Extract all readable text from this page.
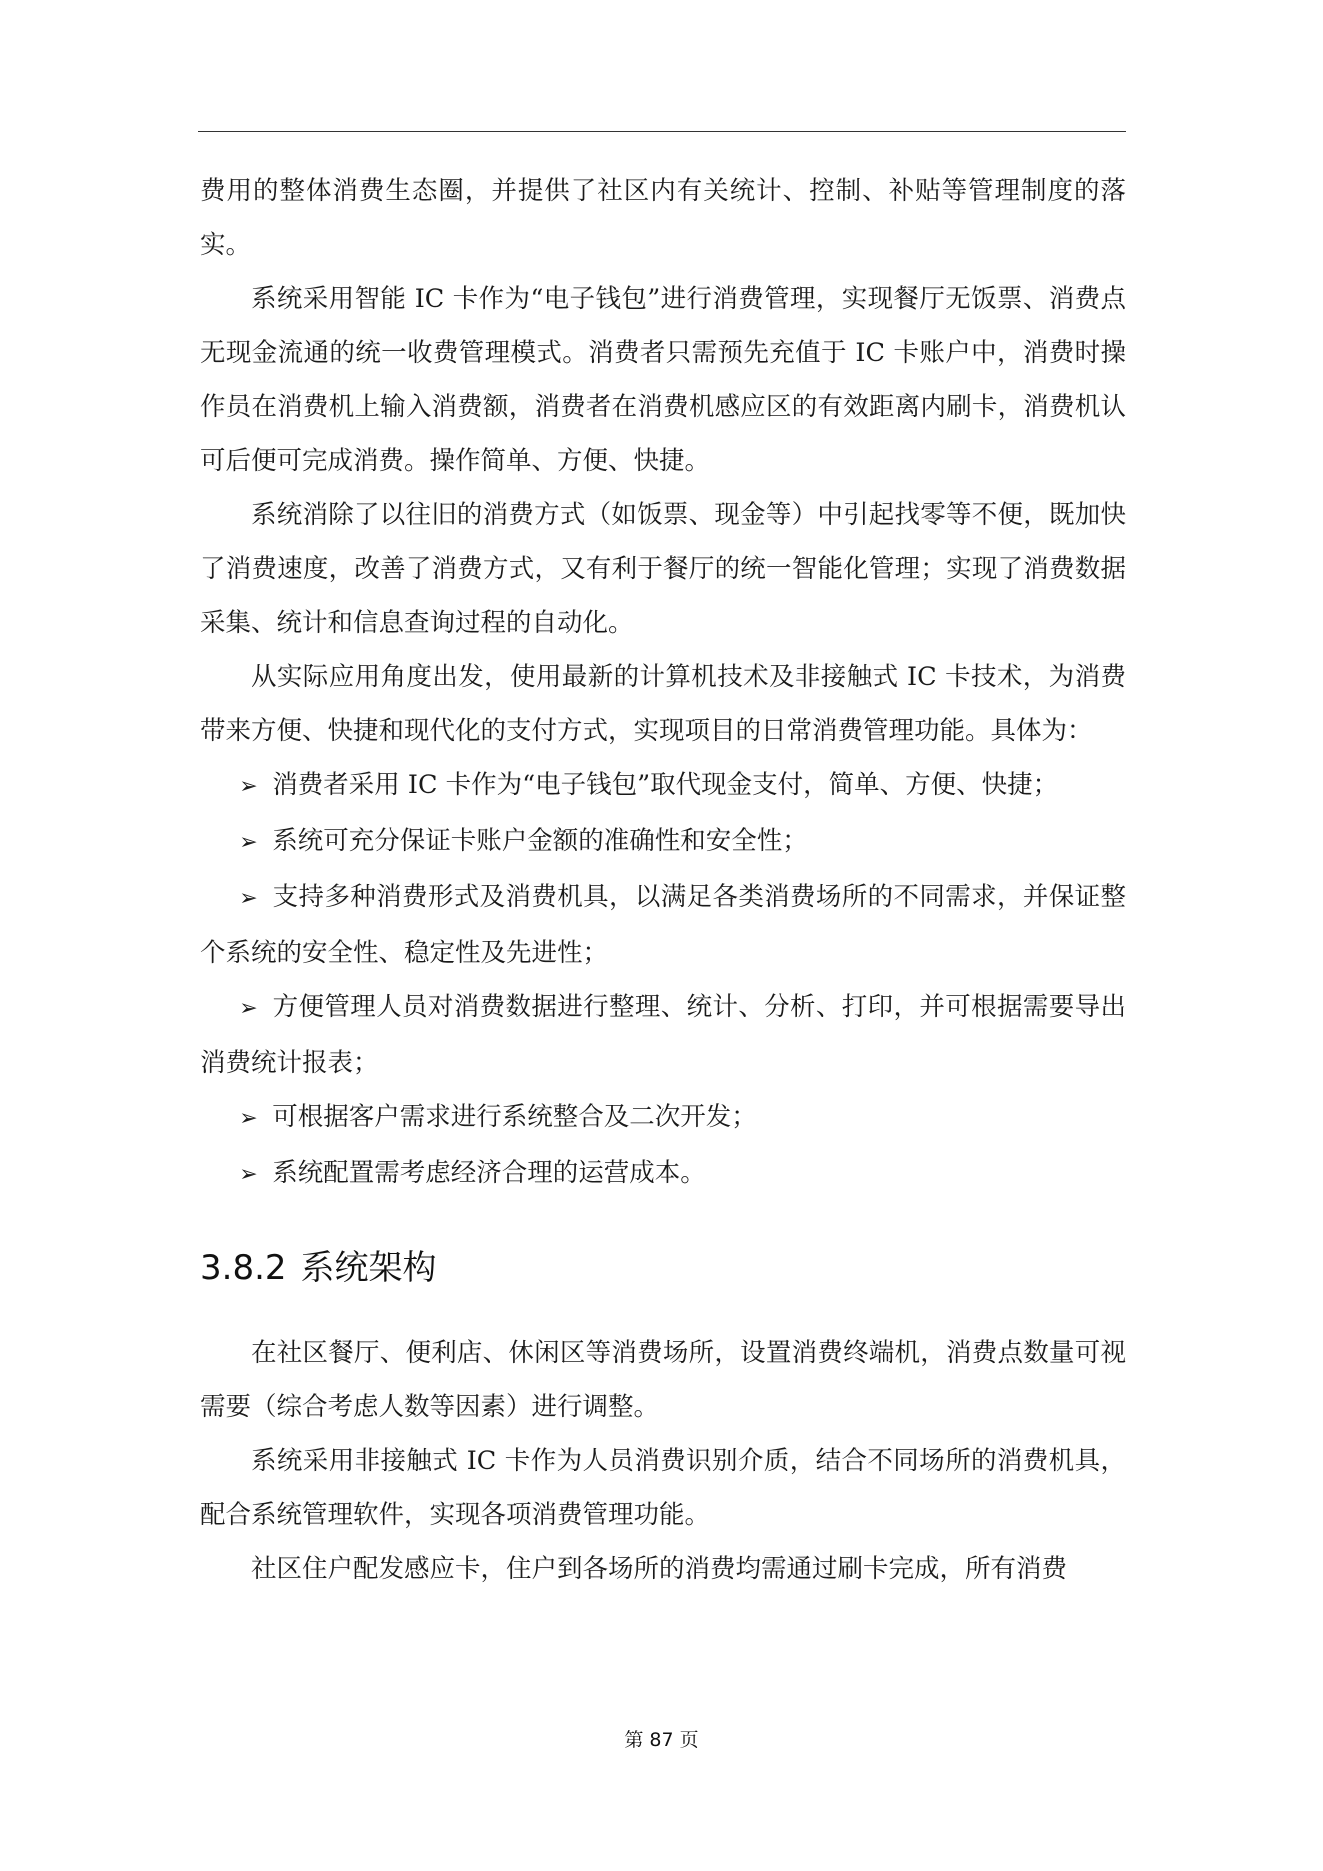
费用的整体消费生态圈，并提供了社区内有关统计、控制、补贴等管理制度的落实。

系统采用智能 IC 卡作为“电子钱包”进行消费管理，实现餐厅无饭票、消费点无现金流通的统一收费管理模式。消费者只需预先充值于 IC 卡账户中，消费时操作员在消费机上输入消费额，消费者在消费机感应区的有效距离内刷卡，消费机认可后便可完成消费。操作简单、方便、快捷。

系统消除了以往旧的消费方式（如饭票、现金等）中引起找零等不便，既加快了消费速度，改善了消费方式，又有利于餐厅的统一智能化管理；实现了消费数据采集、统计和信息查询过程的自动化。

从实际应用角度出发，使用最新的计算机技术及非接触式 IC 卡技术，为消费带来方便、快捷和现代化的支付方式，实现项目的日常消费管理功能。具体为：

➢ 消费者采用 IC 卡作为“电子钱包”取代现金支付，简单、方便、快捷；
➢ 系统可充分保证卡账户金额的准确性和安全性；
➢ 支持多种消费形式及消费机具，以满足各类消费场所的不同需求，并保证整个系统的安全性、稳定性及先进性；
➢ 方便管理人员对消费数据进行整理、统计、分析、打印，并可根据需要导出消费统计报表；
➢ 可根据客户需求进行系统整合及二次开发；
➢ 系统配置需考虑经济合理的运营成本。
3.8.2 系统架构

在社区餐厅、便利店、休闲区等消费场所，设置消费终端机，消费点数量可视需要（综合考虑人数等因素）进行调整。

系统采用非接触式 IC 卡作为人员消费识别介质，结合不同场所的消费机具，配合系统管理软件，实现各项消费管理功能。

社区住户配发感应卡，住户到各场所的消费均需通过刷卡完成，所有消费

第 87 页
